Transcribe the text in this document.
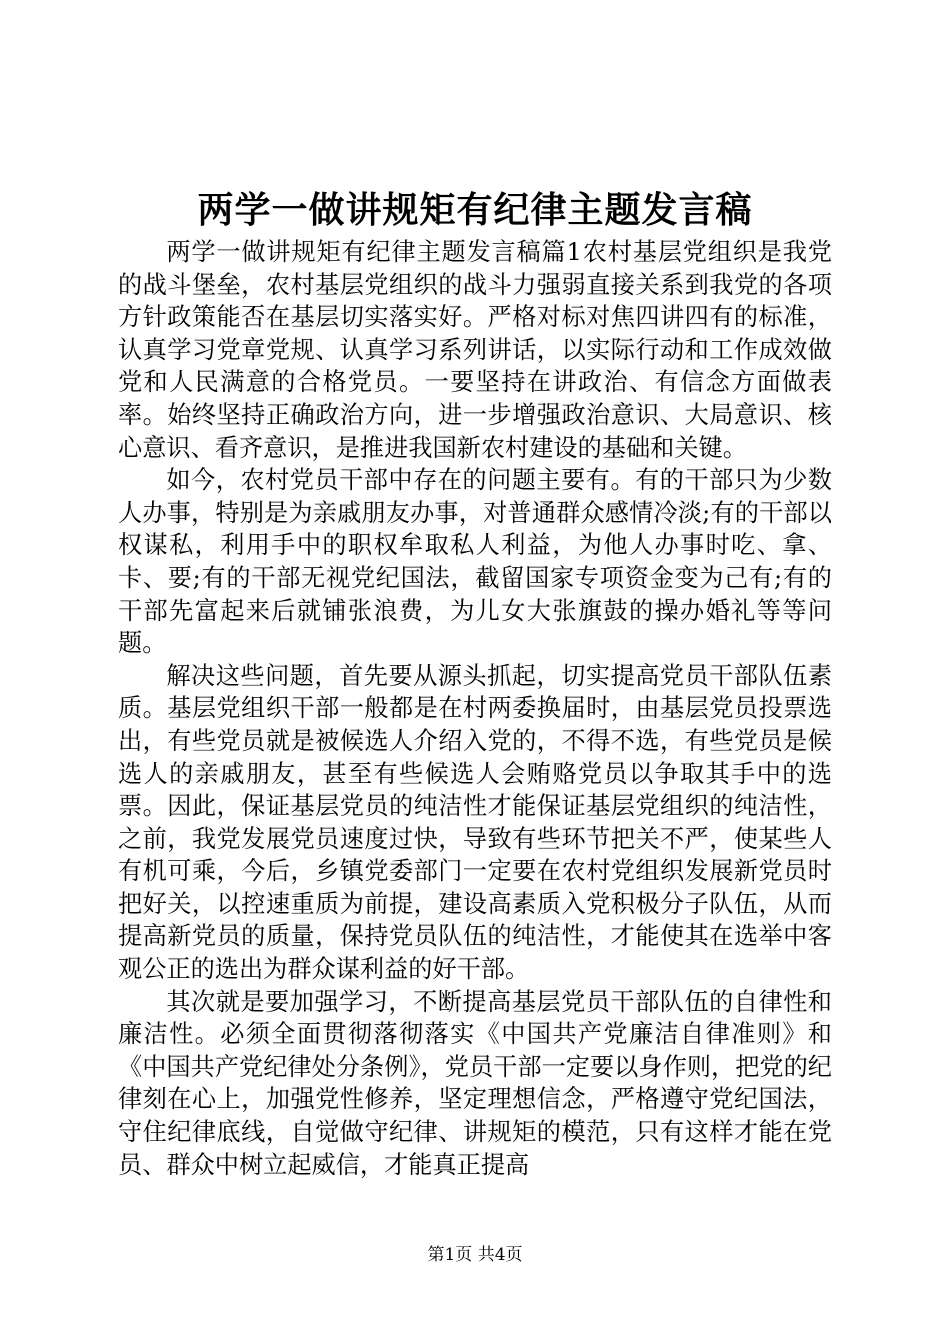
两学一做讲规矩有纪律主题发言稿

两学一做讲规矩有纪律主题发言稿篇1农村基层党组织是我党的战斗堡垒，农村基层党组织的战斗力强弱直接关系到我党的各项方针政策能否在基层切实落实好。严格对标对焦四讲四有的标准，认真学习党章党规、认真学习系列讲话，以实际行动和工作成效做党和人民满意的合格党员。一要坚持在讲政治、有信念方面做表率。始终坚持正确政治方向，进一步增强政治意识、大局意识、核心意识、看齐意识，是推进我国新农村建设的基础和关键。

如今，农村党员干部中存在的问题主要有。有的干部只为少数人办事，特别是为亲戚朋友办事，对普通群众感情冷淡;有的干部以权谋私，利用手中的职权牟取私人利益，为他人办事时吃、拿、卡、要;有的干部无视党纪国法，截留国家专项资金变为己有;有的干部先富起来后就铺张浪费，为儿女大张旗鼓的操办婚礼等等问题。

解决这些问题，首先要从源头抓起，切实提高党员干部队伍素质。基层党组织干部一般都是在村两委换届时，由基层党员投票选出，有些党员就是被候选人介绍入党的，不得不选，有些党员是候选人的亲戚朋友，甚至有些候选人会贿赂党员以争取其手中的选票。因此，保证基层党员的纯洁性才能保证基层党组织的纯洁性，之前，我党发展党员速度过快，导致有些环节把关不严，使某些人有机可乘，今后，乡镇党委部门一定要在农村党组织发展新党员时把好关，以控速重质为前提，建设高素质入党积极分子队伍，从而提高新党员的质量，保持党员队伍的纯洁性，才能使其在选举中客观公正的选出为群众谋利益的好干部。

其次就是要加强学习，不断提高基层党员干部队伍的自律性和廉洁性。必须全面贯彻落彻落实《中国共产党廉洁自律准则》和《中国共产党纪律处分条例》，党员干部一定要以身作则，把党的纪律刻在心上，加强党性修养，坚定理想信念，严格遵守党纪国法，守住纪律底线，自觉做守纪律、讲规矩的模范，只有这样才能在党员、群众中树立起威信，才能真正提高

第1页 共4页
